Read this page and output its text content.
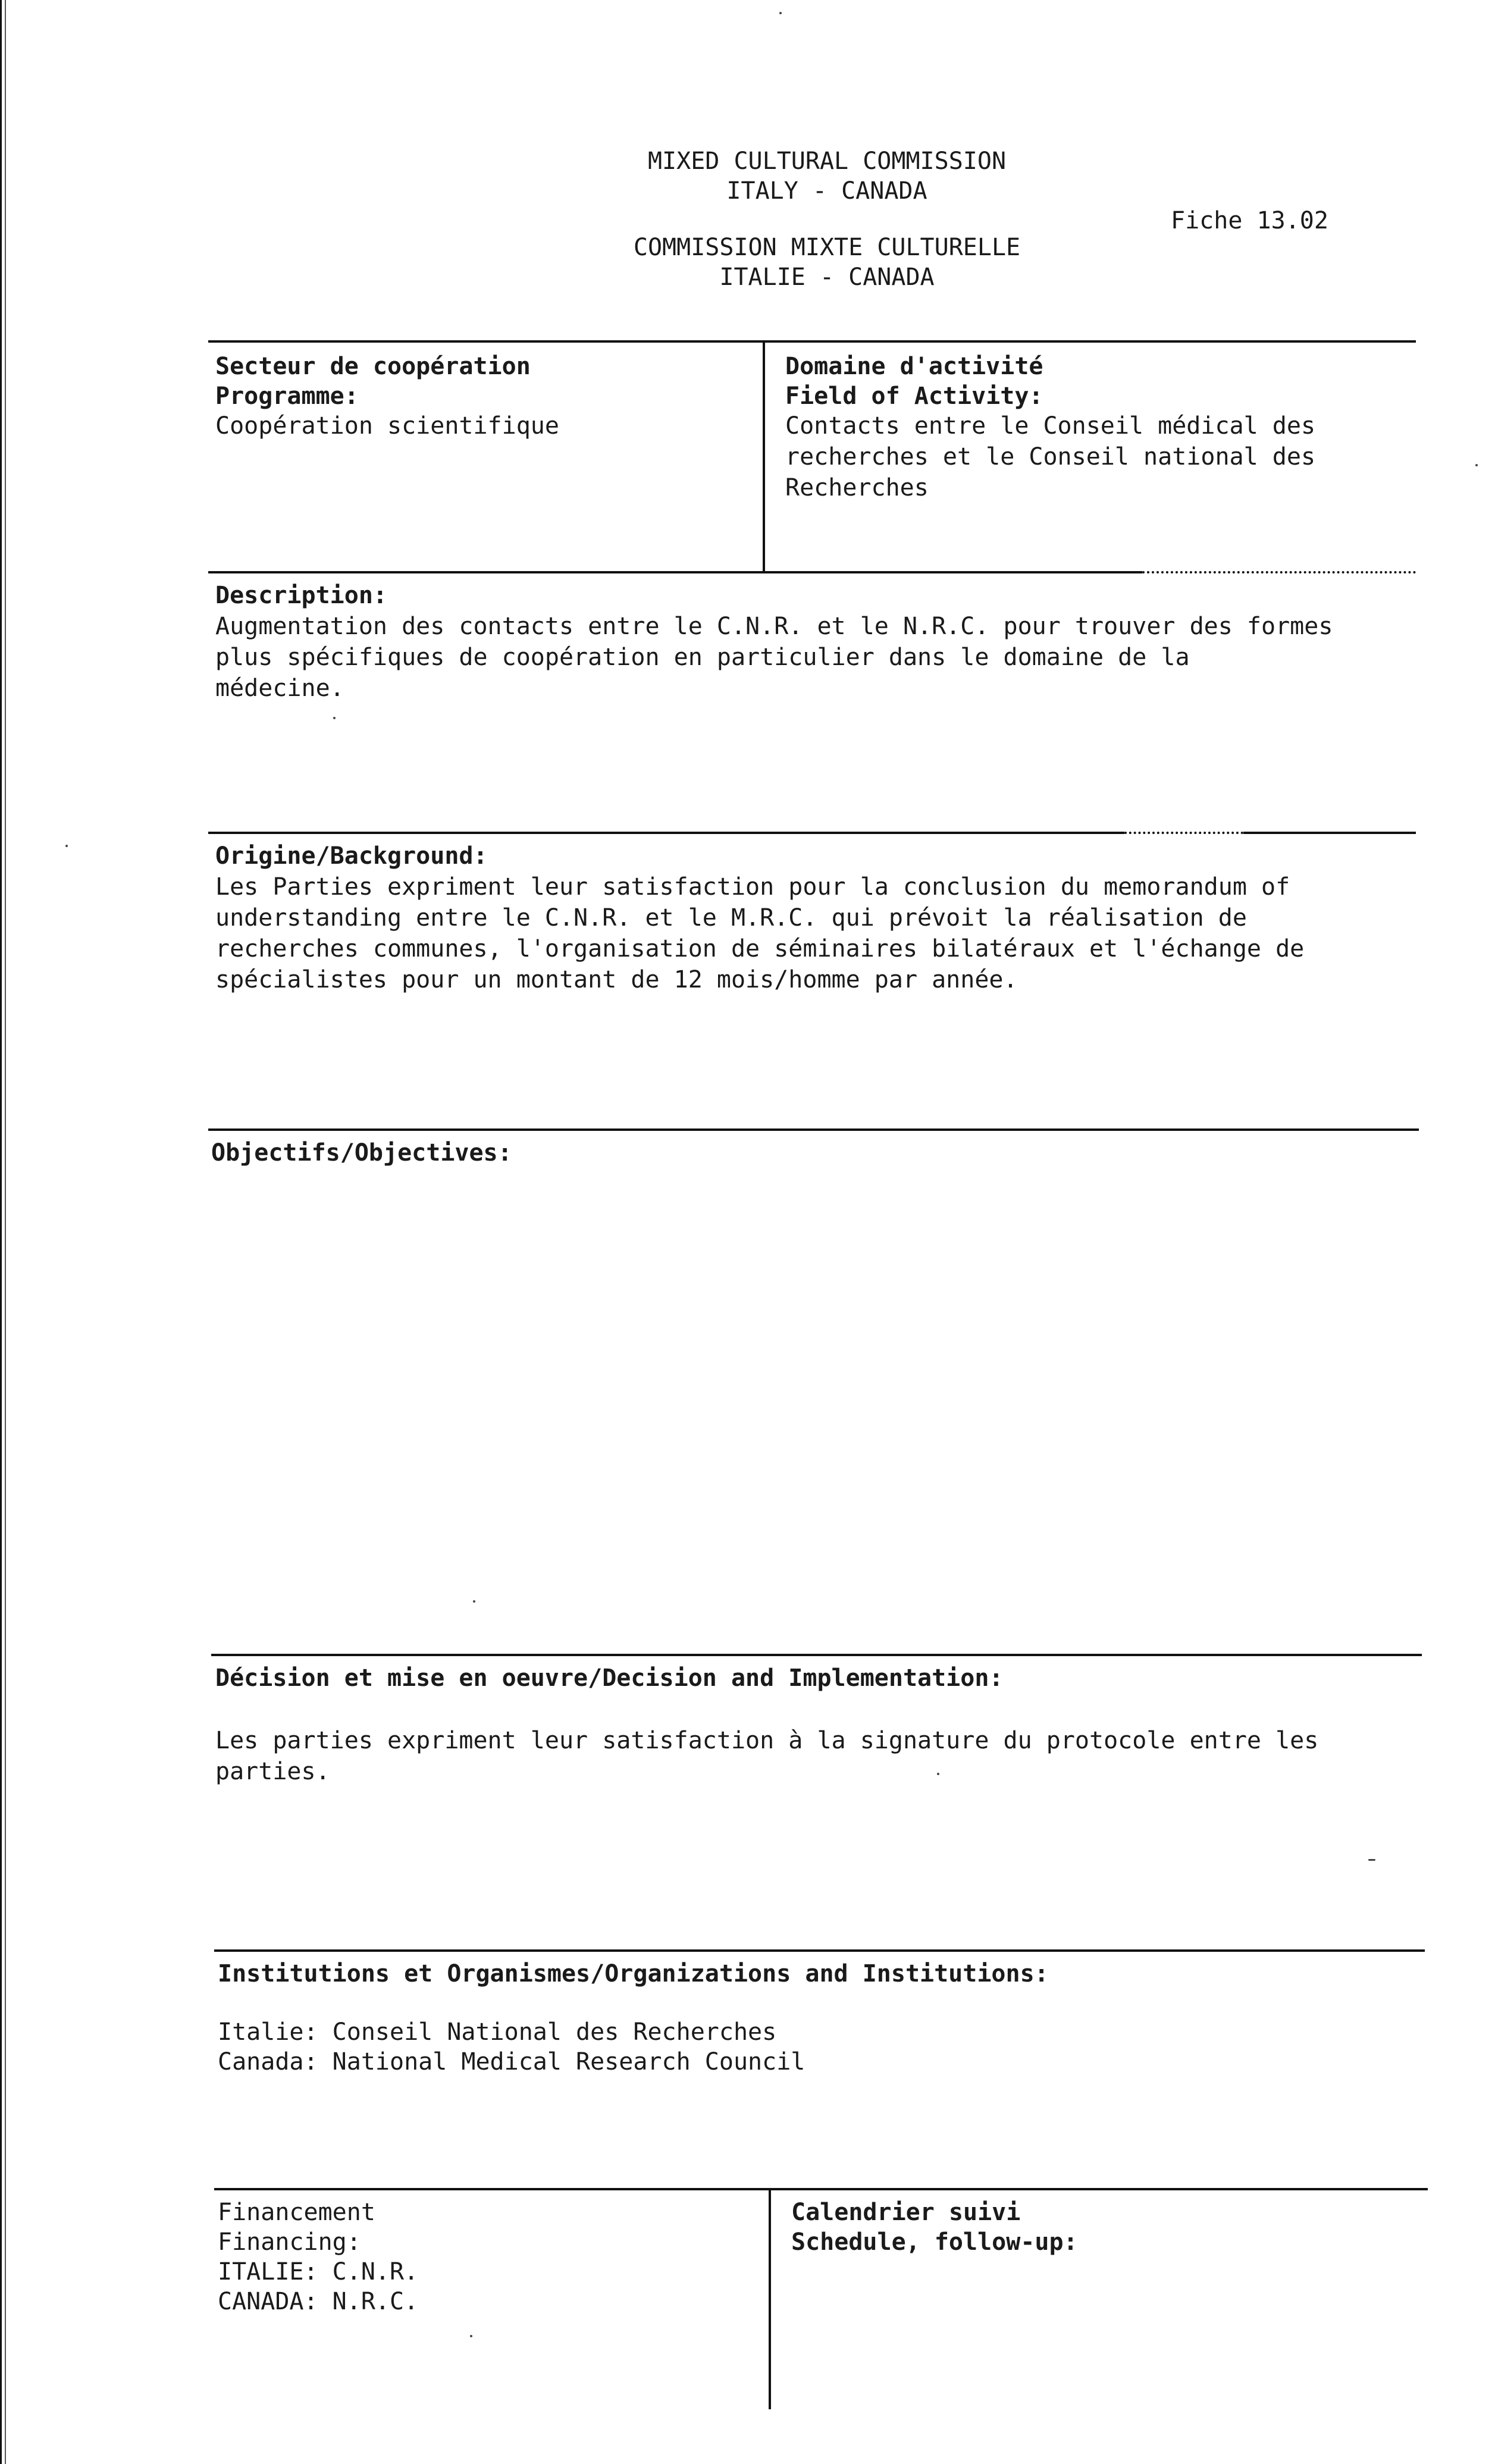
MIXED CULTURAL COMMISSION
ITALY - CANADA
Fiche 13.02
COMMISSION MIXTE CULTURELLE
ITALIE - CANADA
Secteur de coopération
Programme:
Coopération scientifique
Domaine d'activité
Field of Activity:
Contacts entre le Conseil médical des
recherches et le Conseil national des
Recherches
Description:
Augmentation des contacts entre le C.N.R. et le N.R.C. pour trouver des formes
plus spécifiques de coopération en particulier dans le domaine de la
médecine.
Origine/Background:
Les Parties expriment leur satisfaction pour la conclusion du memorandum of
understanding entre le C.N.R. et le M.R.C. qui prévoit la réalisation de
recherches communes, l'organisation de séminaires bilatéraux et l'échange de
spécialistes pour un montant de 12 mois/homme par année.
Objectifs/Objectives:
Décision et mise en oeuvre/Decision and Implementation:
Les parties expriment leur satisfaction à la signature du protocole entre les
parties.
Institutions et Organismes/Organizations and Institutions:
Italie: Conseil National des Recherches
Canada: National Medical Research Council
Financement
Financing:
ITALIE: C.N.R.
CANADA: N.R.C.
Calendrier suivi
Schedule, follow-up:
